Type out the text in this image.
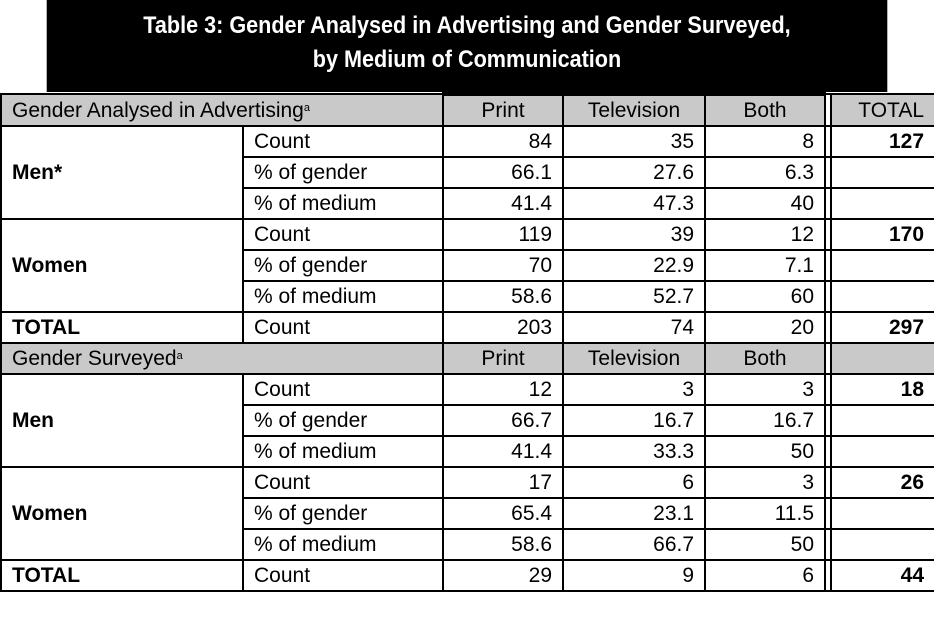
Table 3: Gender Analysed in Advertising and Gender Surveyed,
by Medium of Communication
Gender Analysed in Advertising$^a$		Print	Television	Both		TOTAL
Men*	Count	84	35	8		127
	% of gender	66.1	27.6	6.3		
	% of medium	41.4	47.3	40		
Women	Count	119	39	12		170
	% of gender	70	22.9	7.1		
	% of medium	58.6	52.7	60		
TOTAL	Count	203	74	20		297
Gender Surveyed$^a$		Print	Television	Both		
Men	Count	12	3	3		18
	% of gender	66.7	16.7	16.7		
	% of medium	41.4	33.3	50		
Women	Count	17	6	3		26
	% of gender	65.4	23.1	11.5		
	% of medium	58.6	66.7	50		
TOTAL	Count	29	9	6		44
